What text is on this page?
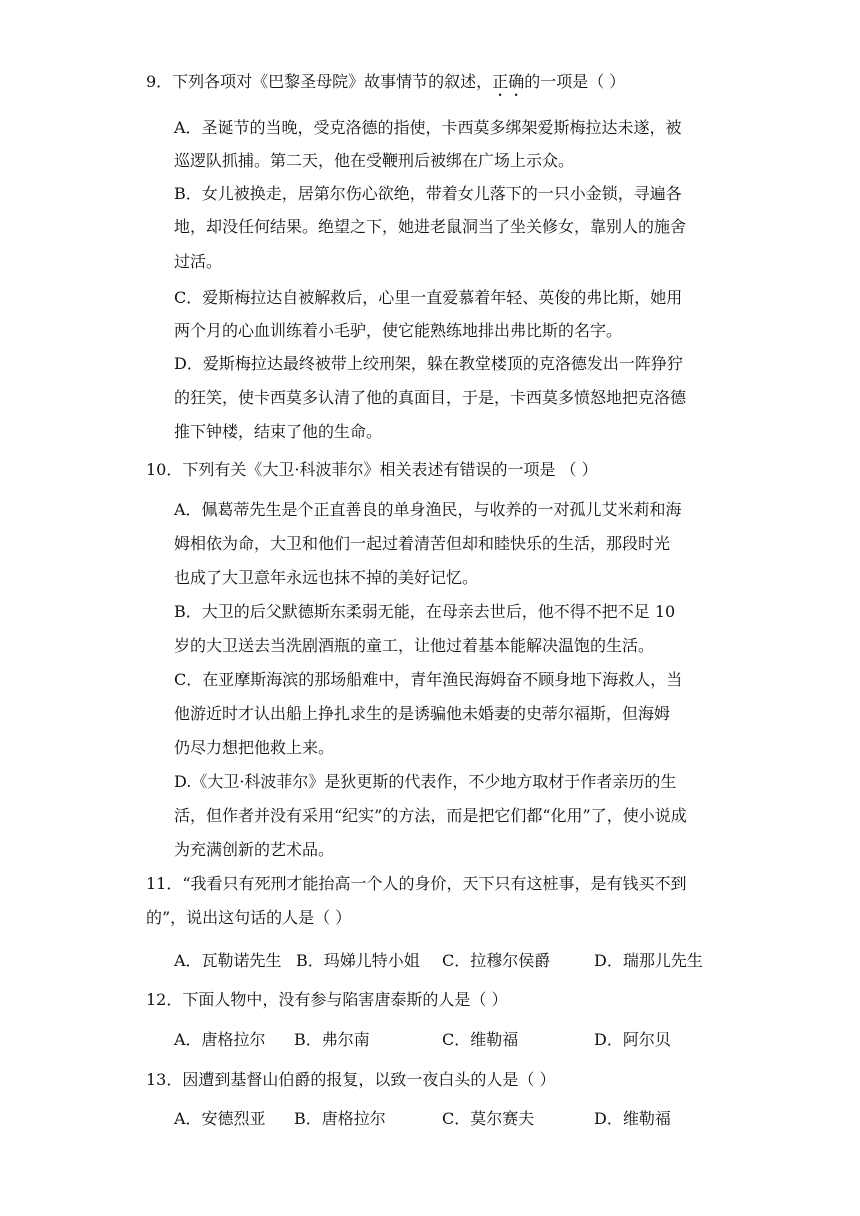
9．下列各项对《巴黎圣母院》故事情节的叙述，正确的一项是（ ）
A．圣诞节的当晚，受克洛德的指使，卡西莫多绑架爱斯梅拉达未遂，被
巡逻队抓捕。第二天，他在受鞭刑后被绑在广场上示众。
B．女儿被换走，居第尔伤心欲绝，带着女儿落下的一只小金锁，寻遍各
地，却没任何结果。绝望之下，她进老鼠洞当了坐关修女，靠别人的施舍
过活。
C．爱斯梅拉达自被解救后，心里一直爱慕着年轻、英俊的弗比斯，她用
两个月的心血训练着小毛驴，使它能熟练地排出弗比斯的名字。
D．爱斯梅拉达最终被带上绞刑架，躲在教堂楼顶的克洛德发出一阵狰狞
的狂笑，使卡西莫多认清了他的真面目，于是，卡西莫多愤怒地把克洛德
推下钟楼，结束了他的生命。
10．下列有关《大卫·科波菲尔》相关表述有错误的一项是 （ ）
A．佩葛蒂先生是个正直善良的单身渔民，与收养的一对孤儿艾米莉和海
姆相依为命，大卫和他们一起过着清苦但却和睦快乐的生活，那段时光
也成了大卫意年永远也抹不掉的美好记忆。
B．大卫的后父默德斯东柔弱无能，在母亲去世后，他不得不把不足 10
岁的大卫送去当洗剧酒瓶的童工，让他过着基本能解决温饱的生活。
C．在亚摩斯海滨的那场船难中，青年渔民海姆奋不顾身地下海救人，当
他游近时才认出船上挣扎求生的是诱骗他未婚妻的史蒂尔福斯，但海姆
仍尽力想把他救上来。
D.《大卫·科波菲尔》是狄更斯的代表作，不少地方取材于作者亲历的生
活，但作者并没有采用“纪实”的方法，而是把它们都“化用”了，使小说成
为充满创新的艺术品。
11．“我看只有死刑才能抬高一个人的身价，天下只有这桩事，是有钱买不到
的”，说出这句话的人是（ ）
A．瓦勒诺先生 B．玛娣儿特小姐 C．拉穆尔侯爵	D．瑞那儿先生
12．下面人物中，没有参与陷害唐泰斯的人是（ ）
A．唐格拉尔 B．弗尔南	C．维勒福	D．阿尔贝
13．因遭到基督山伯爵的报复，以致一夜白头的人是（ ）
A．安德烈亚 B．唐格拉尔	C．莫尔赛夫	D．维勒福
